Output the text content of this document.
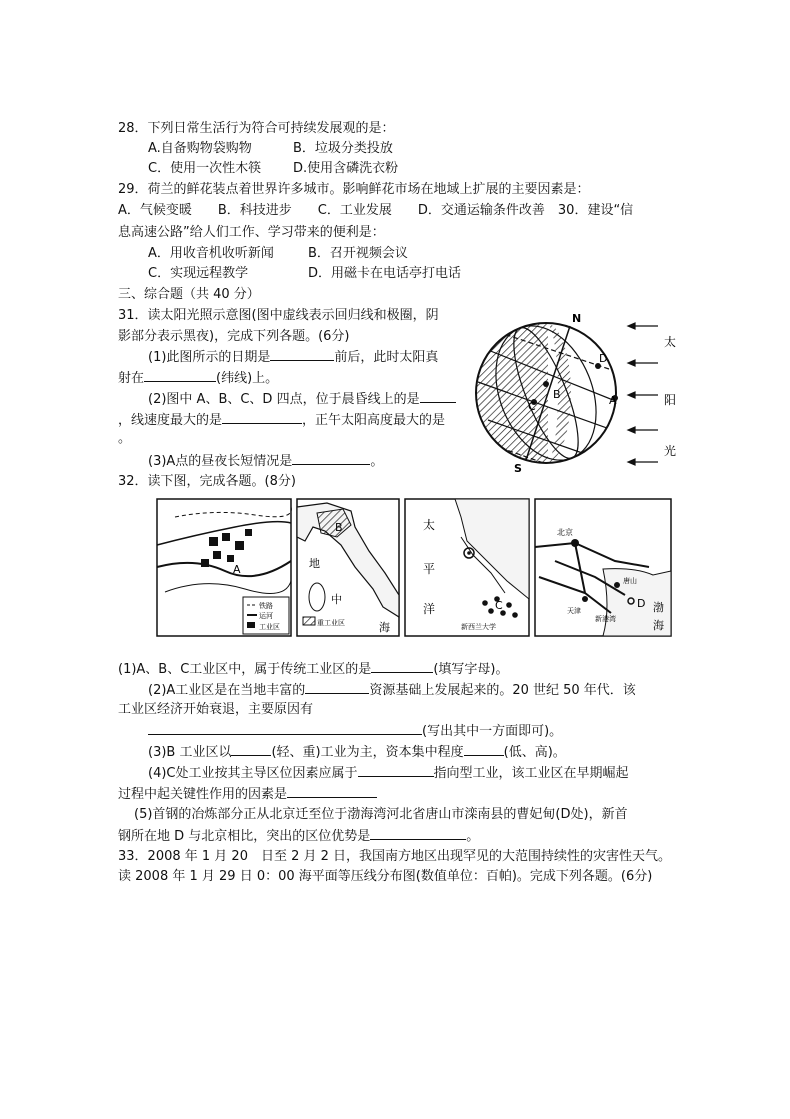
28．下列日常生活行为符合可持续发展观的是：
A.自备购物袋购物	B．垃圾分类投放
C．使用一次性木筷 D.使用含磷洗衣粉
29．荷兰的鲜花装点着世界许多城市。影响鲜花市场在地域上扩展的主要因素是：
A．气候变暖　　B．科技进步　　C．工业发展　　D．交通运输条件改善　30．建设“信
息高速公路”给人们工作、学习带来的便利是：
A．用收音机收听新闻	B．召开视频会议
C．实现远程教学	D．用磁卡在电话亭打电话
三、综合题（共 40 分）
31．读太阳光照示意图(图中虚线表示回归线和极圈，阴
影部分表示黑夜)，完成下列各题。(6分)
(1)此图所示的日期是	前后，此时太阳真
射在	(纬线)上。
(2)图中 A、B、C、D 四点，位于晨昏线上的是
，线速度最大的是	，正午太阳高度最大的是
。
(3)A点的昼夜长短情况是	。
N
S
A
B
C
D
太
阳
光
32．读下图，完成各题。(8分)
A
铁路
运河
工业区
B
地
中
海
重工业区
太
平
洋	C
新西兰大学
北京
唐山
天津
新港湾
D 渤
海
(1)A、B、C工业区中，属于传统工业区的是	(填写字母)。
(2)A工业区是在当地丰富的	资源基础上发展起来的。20 世纪 50 年代．该
工业区经济开始衰退，主要原因有
(写出其中一方面即可)。
(3)B 工业区以	(轻、重)工业为主，资本集中程度	(低、高)。
(4)C处工业按其主导区位因素应属于	指向型工业，该工业区在早期崛起
过程中起关键性作用的因素是
(5)首钢的冶炼部分正从北京迁至位于渤海湾河北省唐山市滦南县的曹妃甸(D处)，新首
钢所在地 D 与北京相比，突出的区位优势是	。
33．2008 年 1 月 20　日至 2 月 2 日，我国南方地区出现罕见的大范围持续性的灾害性天气。
读 2008 年 1 月 29 日 0：00 海平面等压线分布图(数值单位：百帕)。完成下列各题。(6分)
